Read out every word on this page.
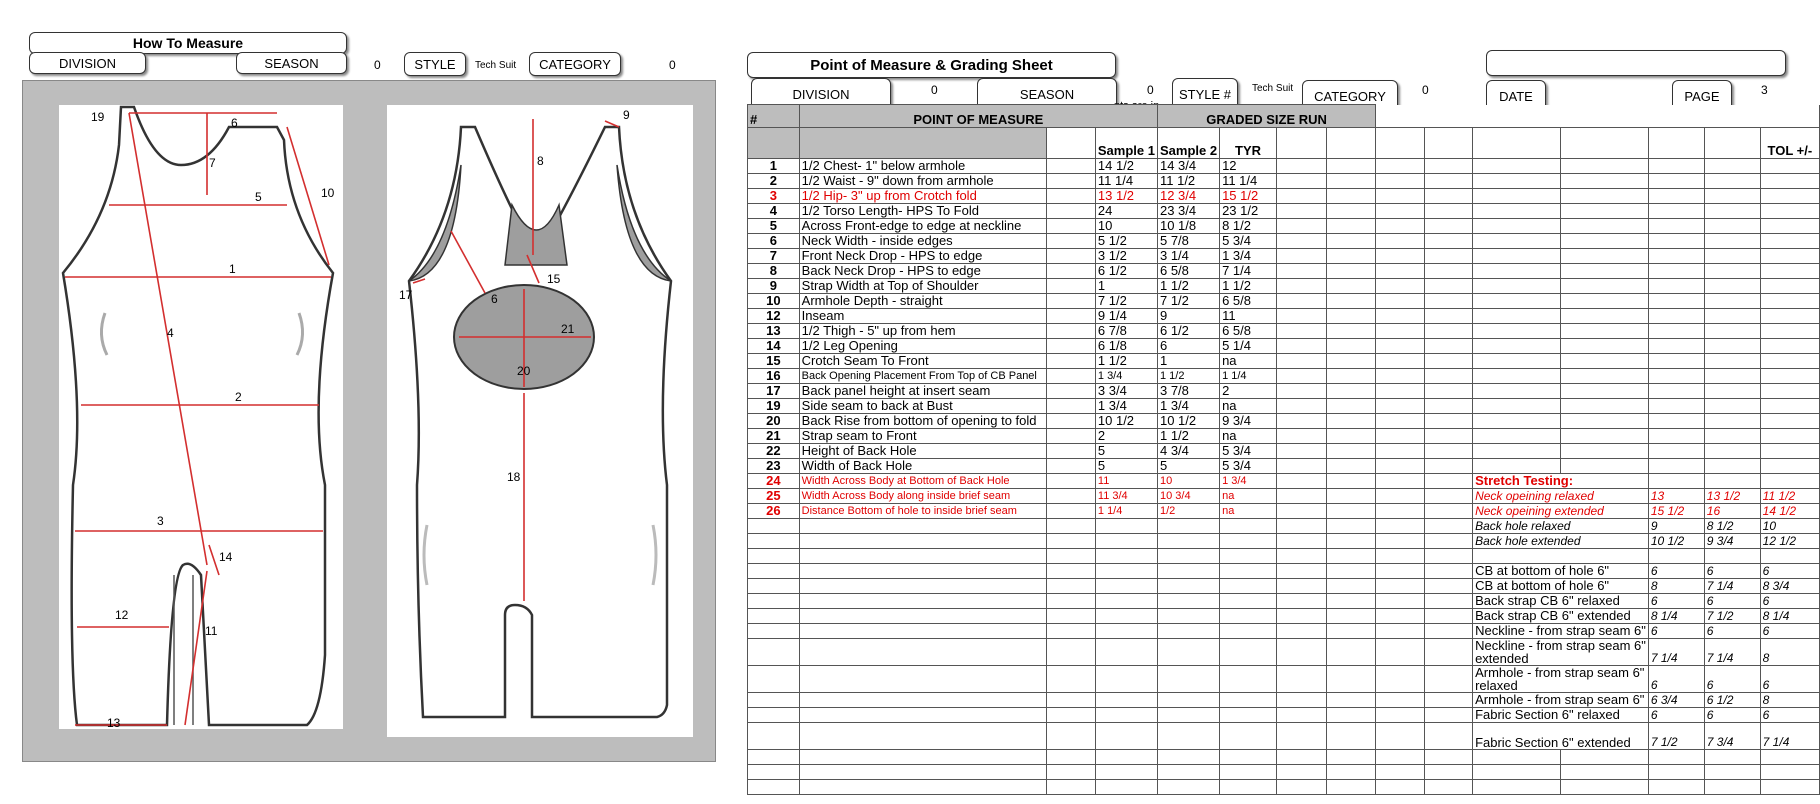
How To Measure
DIVISION	SEASON	0	STYLE	Tech Suit	CATEGORY	0
19	6
7
5	10
1
4
2
3
14
12
11
13
9
8
15
17	6
21
20
18
Point of Measure & Grading Sheet
DIVISION	0	SEASON	0	STYLE #	Tech Suit	CATEGORY	0	DATE	PAGE	3
#	POINT OF MEASURE			GRADED SIZE RUN										
			Sample 1	Sample 2	TYR									TOL +/-
1	1/2 Chest- 1" below armhole		14 1/2	14 3/4	12									
2	1/2 Waist - 9" down from armhole		11 1/4	11 1/2	11 1/4									
3	1/2 Hip- 3" up from Crotch fold		13 1/2	12 3/4	15 1/2									
4	1/2 Torso Length- HPS To Fold		24	23 3/4	23 1/2									
5	Across Front-edge to edge at neckline		10	10 1/8	8 1/2									
6	Neck Width - inside edges		5 1/2	5 7/8	5 3/4									
7	Front Neck Drop - HPS to edge		3 1/2	3 1/4	1 3/4									
8	Back Neck Drop - HPS to edge		6 1/2	6 5/8	7 1/4									
9	Strap Width at Top of Shoulder		1	1 1/2	1 1/2									
10	Armhole Depth - straight		7 1/2	7 1/2	6 5/8									
12	Inseam		9 1/4	9	11									
13	1/2 Thigh - 5" up from hem		6 7/8	6 1/2	6 5/8									
14	1/2 Leg Opening		6 1/8	6	5 1/4									
15	Crotch Seam To Front		1 1/2	1	na									
16	Back Opening Placement From Top of CB Panel		1 3/4	1 1/2	1 1/4									
17	Back panel height at insert seam		3 3/4	3 7/8	2									
19	Side seam to back at Bust		1 3/4	1 3/4	na									
20	Back Rise from bottom of opening to fold		10 1/2	10 1/2	9 3/4									
21	Strap seam to Front		2	1 1/2	na									
22	Height of Back Hole		5	4 3/4	5 3/4									
23	Width of Back Hole		5	5	5 3/4									
24	Width Across Body at Bottom of Back Hole		11	10	1 3/4					Stretch Testing:				
25	Width Across Body along inside brief seam		11 3/4	10 3/4	na					Neck opeining relaxed		13	13 1/2	11 1/2
26	Distance Bottom of hole to inside brief seam		1 1/4	1/2	na					Neck opeining extended		15 1/2	16	14 1/2
										Back hole relaxed		9	8 1/2	10
										Back hole extended		10 1/2	9 3/4	12 1/2

										CB at bottom of hole 6"		6	6	6
										CB at bottom of hole 6"		8	7 1/4	8 3/4
										Back strap CB 6" relaxed		6	6	6
										Back strap CB 6" extended		8 1/4	7 1/2	8 1/4
										Neckline - from strap seam 6"		6	6	6
										Neckline - from strap seam 6" extended		7 1/4	7 1/4	8
										Armhole - from strap seam 6" relaxed		6	6	6
										Armhole - from strap seam 6"		6 3/4	6 1/2	8
										Fabric Section 6" relaxed		6	6	6
										Fabric Section 6" extended		7 1/2	7 3/4	7 1/4
